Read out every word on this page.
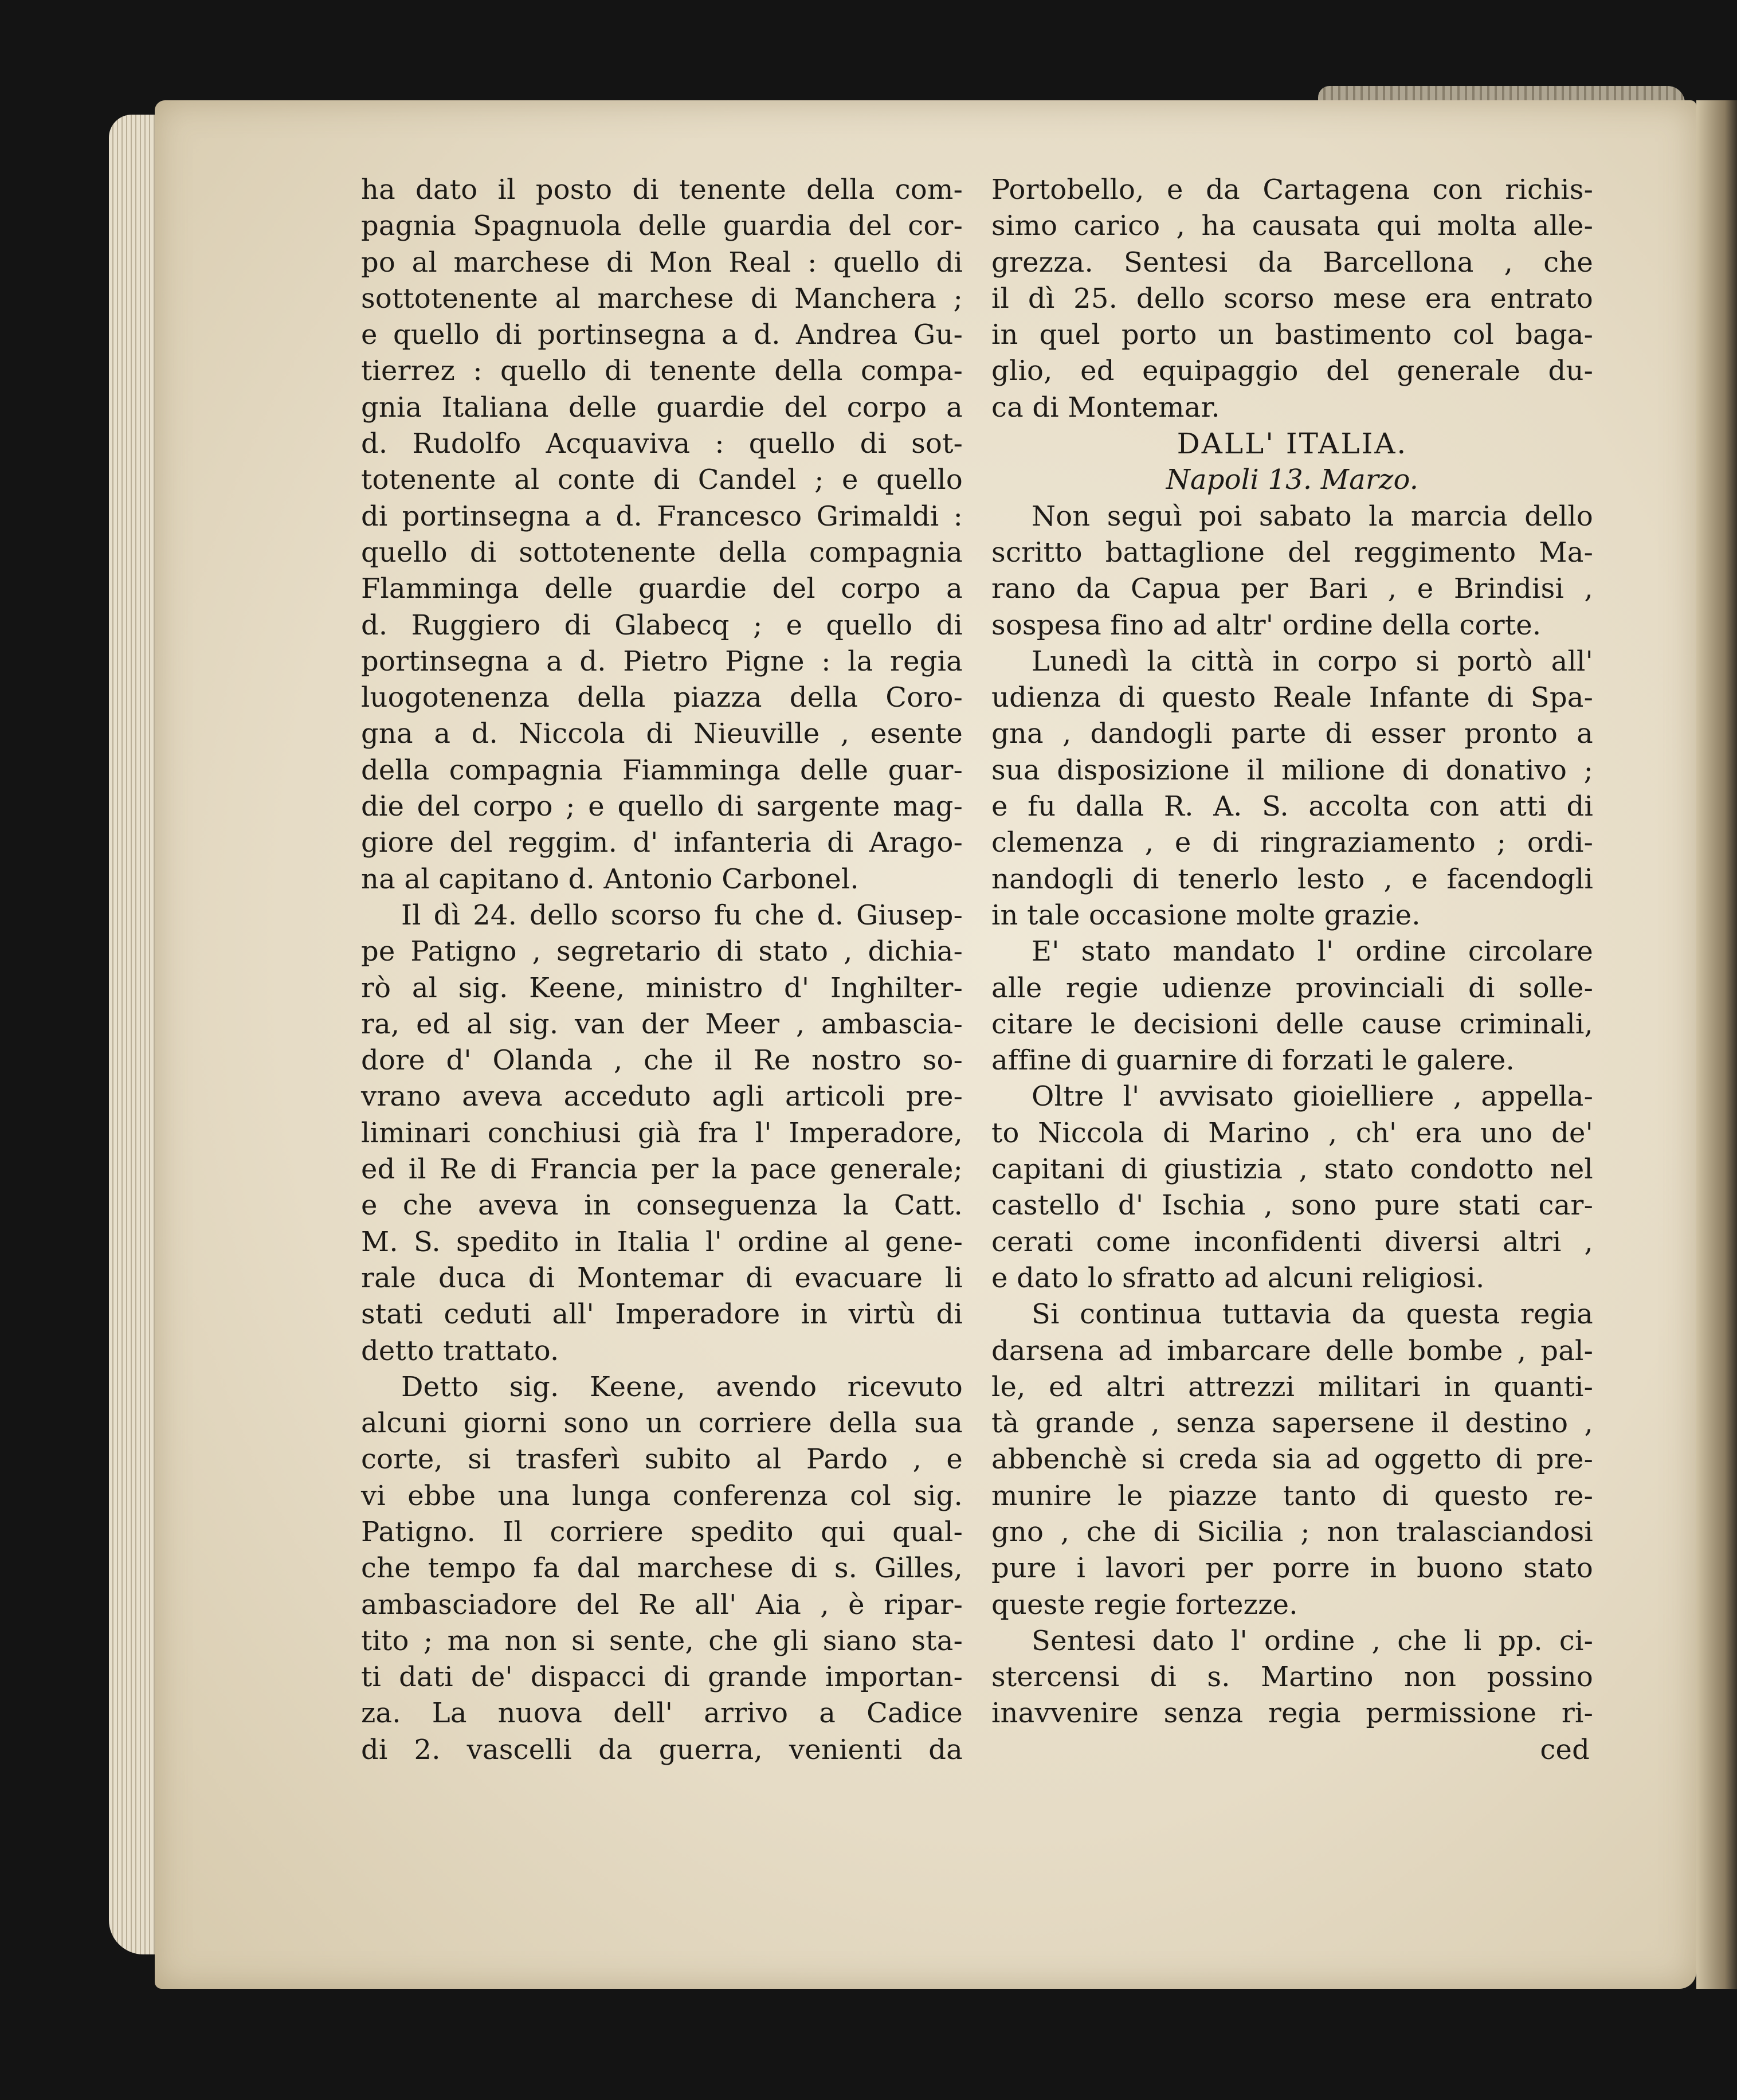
ha dato il posto di tenente della com-
pagnia Spagnuola delle guardia del cor-
po al marchese di Mon Real : quello di
sottotenente al marchese di Manchera ;
e quello di portinsegna a d. Andrea Gu-
tierrez : quello di tenente della compa-
gnia Italiana delle guardie del corpo a
d. Rudolfo Acquaviva : quello di sot-
totenente al conte di Candel ; e quello
di portinsegna a d. Francesco Grimaldi :
quello di sottotenente della compagnia
Flamminga delle guardie del corpo a
d. Ruggiero di Glabecq ; e quello di
portinsegna a d. Pietro Pigne : la regia
luogotenenza della piazza della Coro-
gna a d. Niccola di Nieuville , esente
della compagnia Fiamminga delle guar-
die del corpo ; e quello di sargente mag-
giore del reggim. d' infanteria di Arago-
na al capitano d. Antonio Carbonel.
Il dì 24. dello scorso fu che d. Giusep-
pe Patigno , segretario di stato , dichia-
rò al sig. Keene, ministro d' Inghilter-
ra, ed al sig. van der Meer , ambascia-
dore d' Olanda , che il Re nostro so-
vrano aveva acceduto agli articoli pre-
liminari conchiusi già fra l' Imperadore,
ed il Re di Francia per la pace generale;
e che aveva in conseguenza la Catt.
M. S. spedito in Italia l' ordine al gene-
rale duca di Montemar di evacuare li
stati ceduti all' Imperadore in virtù di
detto trattato.
Detto sig. Keene, avendo ricevuto
alcuni giorni sono un corriere della sua
corte, si trasferì subito al Pardo , e
vi ebbe una lunga conferenza col sig.
Patigno. Il corriere spedito qui qual-
che tempo fa dal marchese di s. Gilles,
ambasciadore del Re all' Aia , è ripar-
tito ; ma non si sente, che gli siano sta-
ti dati de' dispacci di grande importan-
za. La nuova dell' arrivo a Cadice
di 2. vascelli da guerra, venienti da
Portobello, e da Cartagena con richis-
simo carico , ha causata qui molta alle-
grezza. Sentesi da Barcellona , che
il dì 25. dello scorso mese era entrato
in quel porto un bastimento col baga-
glio, ed equipaggio del generale du-
ca di Montemar.
DALL' ITALIA.
Napoli 13. Marzo.
Non seguì poi sabato la marcia dello
scritto battaglione del reggimento Ma-
rano da Capua per Bari , e Brindisi ,
sospesa fino ad altr' ordine della corte.
Lunedì la città in corpo si portò all'
udienza di questo Reale Infante di Spa-
gna , dandogli parte di esser pronto a
sua disposizione il milione di donativo ;
e fu dalla R. A. S. accolta con atti di
clemenza , e di ringraziamento ; ordi-
nandogli di tenerlo lesto , e facendogli
in tale occasione molte grazie.
E' stato mandato l' ordine circolare
alle regie udienze provinciali di solle-
citare le decisioni delle cause criminali,
affine di guarnire di forzati le galere.
Oltre l' avvisato gioielliere , appella-
to Niccola di Marino , ch' era uno de'
capitani di giustizia , stato condotto nel
castello d' Ischia , sono pure stati car-
cerati come inconfidenti diversi altri ,
e dato lo sfratto ad alcuni religiosi.
Si continua tuttavia da questa regia
darsena ad imbarcare delle bombe , pal-
le, ed altri attrezzi militari in quanti-
tà grande , senza sapersene il destino ,
abbenchè si creda sia ad oggetto di pre-
munire le piazze tanto di questo re-
gno , che di Sicilia ; non tralasciandosi
pure i lavori per porre in buono stato
queste regie fortezze.
Sentesi dato l' ordine , che li pp. ci-
stercensi di s. Martino non possino
inavvenire senza regia permissione ri-
ced
